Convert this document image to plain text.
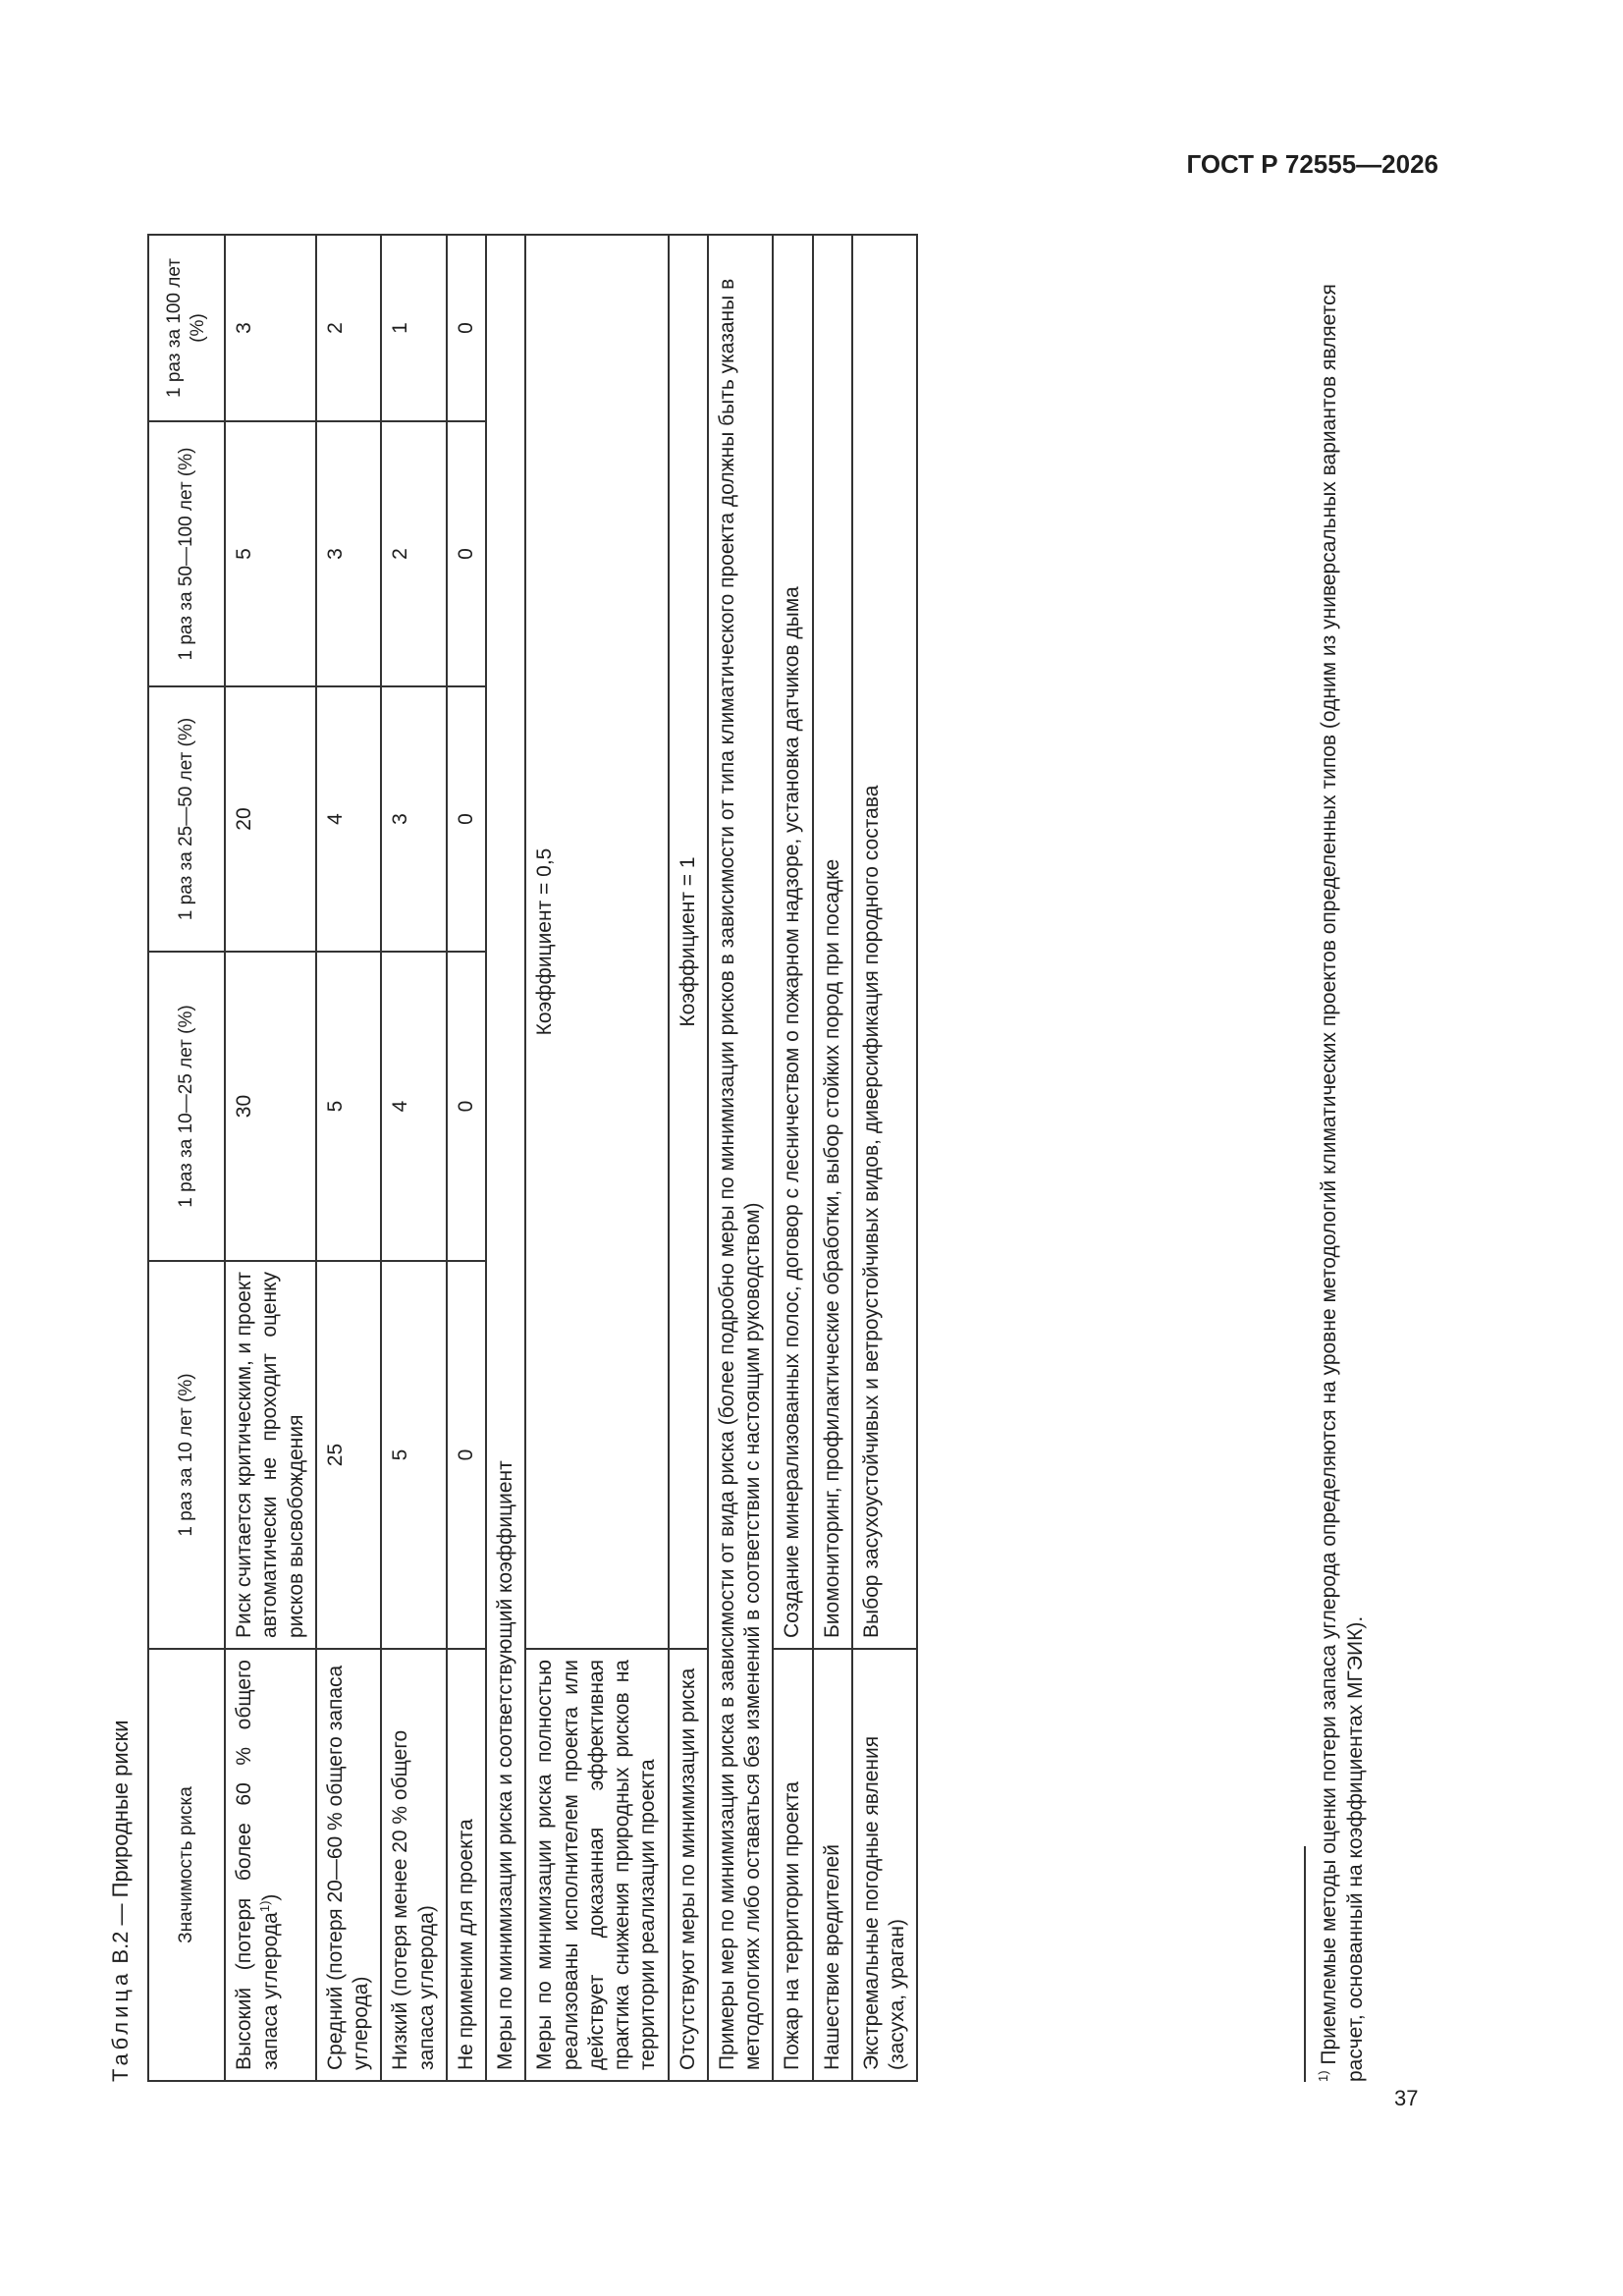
ГОСТ Р 72555—2026
37
Таблица В.2 — Природные риски Значимость риска	1 раз за 10 лет (%)	1 раз за 10—25 лет (%)	1 раз за 25—50 лет (%)	1 раз за 50—100 лет (%)	1 раз за 100 лет (%)
Высокий (потеря более 60 % общего запаса углерода$^{1)}$)	Риск считается критическим, и проект автоматически не проходит оценку рисков высвобождения	30	20	5	3
Средний (потеря 20—60 % общего запаса углерода)	25	5	4	3	2
Низкий (потеря менее 20 % общего запаса углерода)	5	4	3	2	1
Не применим для проекта	0	0	0	0	0
Меры по минимизации риска и соответствующий коэффициент					
Меры по минимизации риска полностью реализованы исполнителем проекта или действует доказанная эффективная практика снижения природных рисков на территории реализации проекта	Коэффициент = 0,5				
Отсутствуют меры по минимизации риска	Коэффициент = 1				
Примеры мер по минимизации риска в зависимости от вида риска (более подробно меры по минимизации рисков в зависимости от типа климатического проекта должны быть указаны в методологиях либо оставаться без изменений в соответствии с настоящим руководством)					
Пожар на территории проекта	Создание минерализованных полос, договор с лесничеством о пожарном надзоре, установка датчиков дыма				
Нашествие вредителей	Биомониторинг, профилактические обработки, выбор стойких пород при посадке				
Экстремальные погодные явления (засуха, ураган)	Выбор засухоустойчивых и ветроустойчивых видов, диверсификация породного состава				
$^{1)}$ Приемлемые методы оценки потери запаса углерода определяются на уровне методологий климатических проектов определенных типов (одним из универсальных вариантов является расчет, основанный на коэффициентах МГЭИК).
